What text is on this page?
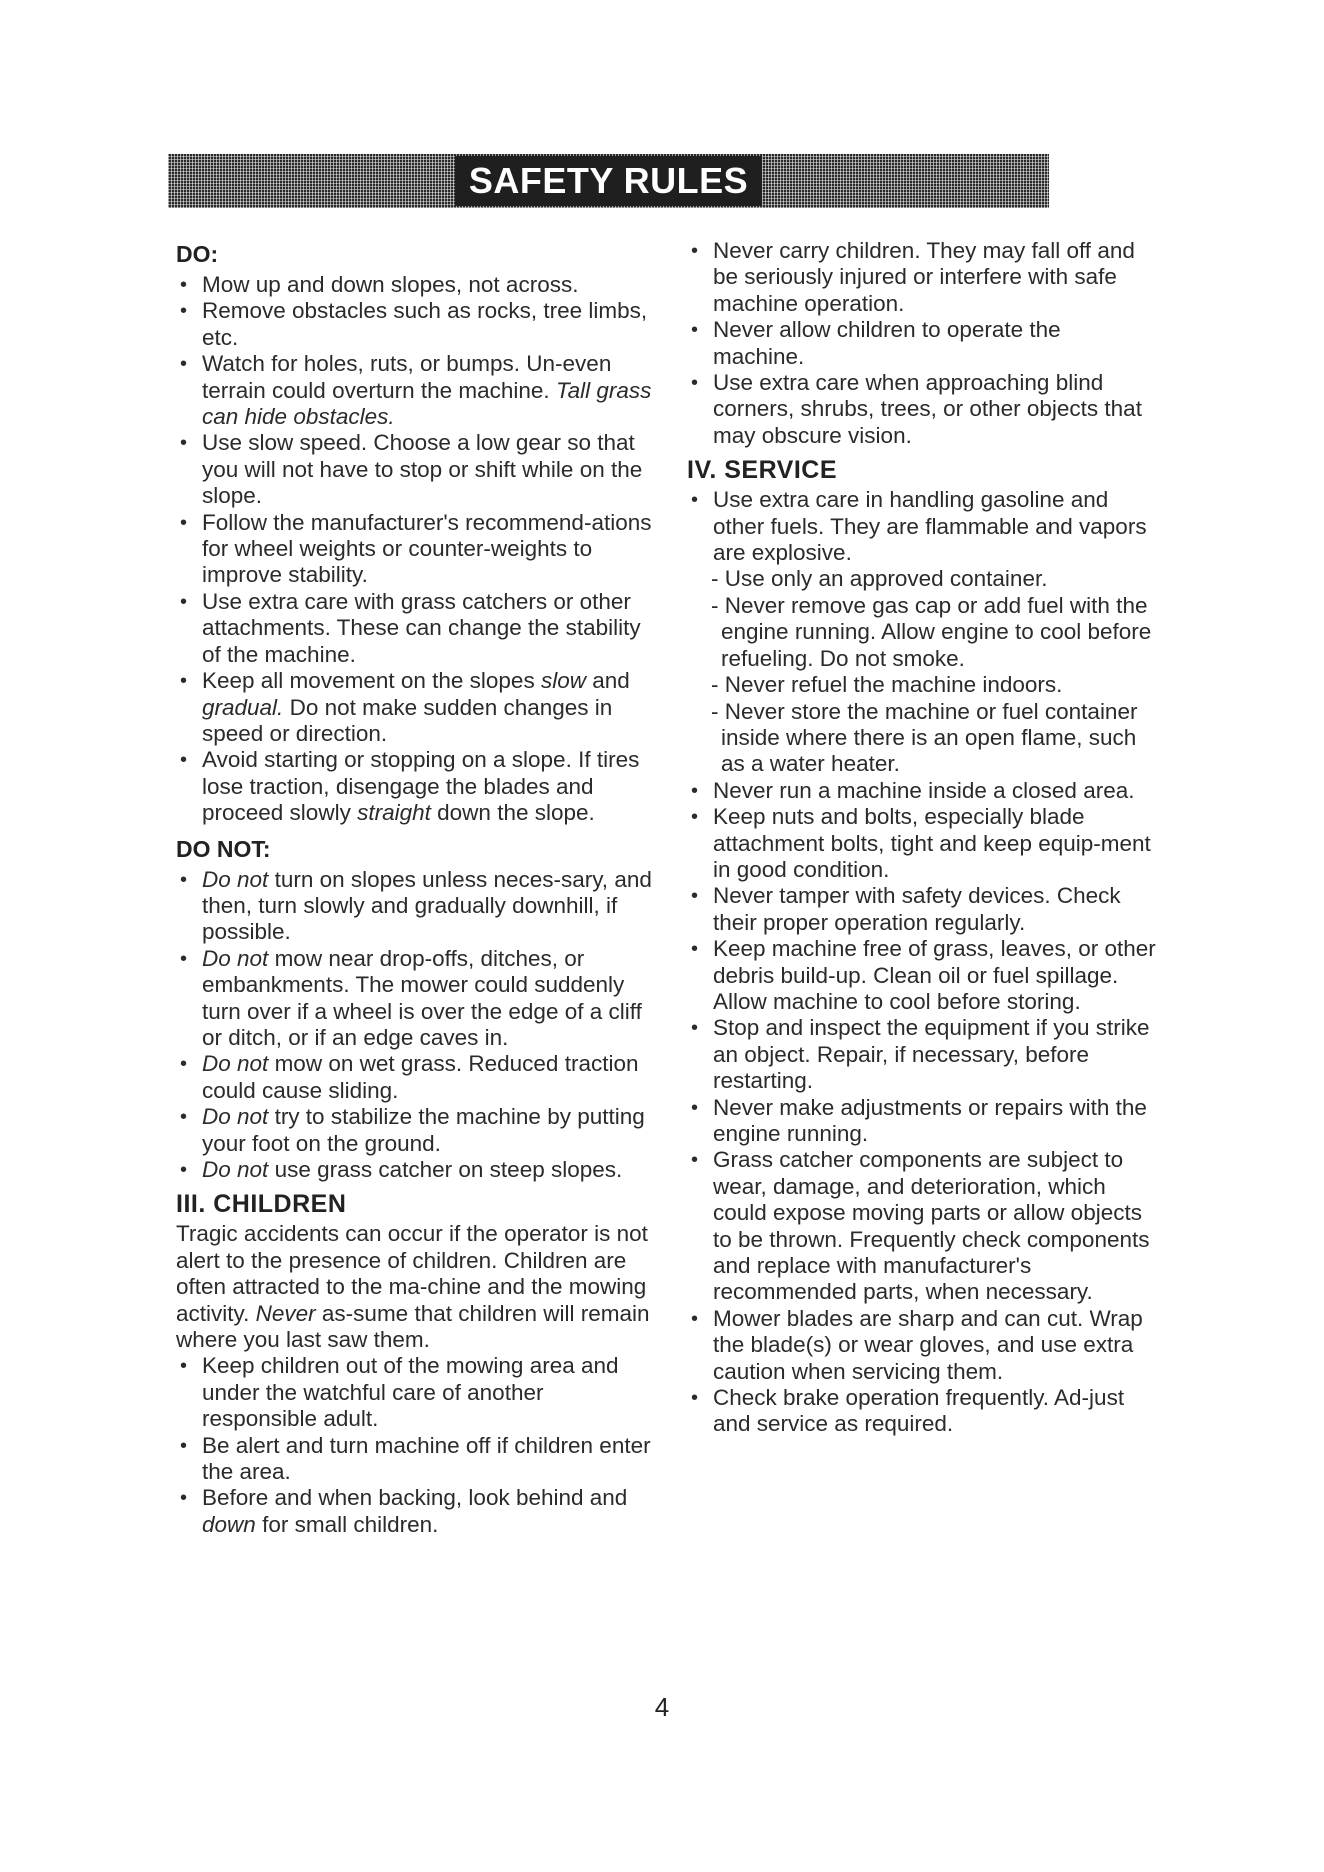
SAFETY RULES
DO:

• Mow up and down slopes, not across.

• Remove obstacles such as rocks, tree limbs, etc.

• Watch for holes, ruts, or bumps. Un-even terrain could overturn the machine. Tall grass can hide obstacles.

• Use slow speed. Choose a low gear so that you will not have to stop or shift while on the slope.

• Follow the manufacturer's recommend-ations for wheel weights or counter-weights to improve stability.

• Use extra care with grass catchers or other attachments. These can change the stability of the machine.

• Keep all movement on the slopes slow and gradual. Do not make sudden changes in speed or direction.

• Avoid starting or stopping on a slope. If tires lose traction, disengage the blades and proceed slowly straight down the slope.

DO NOT:

• Do not turn on slopes unless neces-sary, and then, turn slowly and gradually downhill, if possible.

• Do not mow near drop-offs, ditches, or embankments. The mower could suddenly turn over if a wheel is over the edge of a cliff or ditch, or if an edge caves in.

• Do not mow on wet grass. Reduced traction could cause sliding.

• Do not try to stabilize the machine by putting your foot on the ground.

• Do not use grass catcher on steep slopes.

III. CHILDREN

Tragic accidents can occur if the operator is not alert to the presence of children. Children are often attracted to the ma-chine and the mowing activity. Never as-sume that children will remain where you last saw them.

• Keep children out of the mowing area and under the watchful care of another responsible adult.

• Be alert and turn machine off if children enter the area.

• Before and when backing, look behind and down for small children.

• Never carry children. They may fall off and be seriously injured or interfere with safe machine operation.

• Never allow children to operate the machine.

• Use extra care when approaching blind corners, shrubs, trees, or other objects that may obscure vision.

IV. SERVICE

• Use extra care in handling gasoline and other fuels. They are flammable and vapors are explosive.

- Use only an approved container.

- Never remove gas cap or add fuel with the engine running. Allow engine to cool before refueling. Do not smoke.

- Never refuel the machine indoors.

- Never store the machine or fuel container inside where there is an open flame, such as a water heater.

• Never run a machine inside a closed area.

• Keep nuts and bolts, especially blade attachment bolts, tight and keep equip-ment in good condition.

• Never tamper with safety devices. Check their proper operation regularly.

• Keep machine free of grass, leaves, or other debris build-up. Clean oil or fuel spillage. Allow machine to cool before storing.

• Stop and inspect the equipment if you strike an object. Repair, if necessary, before restarting.

• Never make adjustments or repairs with the engine running.

• Grass catcher components are subject to wear, damage, and deterioration, which could expose moving parts or allow objects to be thrown. Frequently check components and replace with manufacturer's recommended parts, when necessary.

• Mower blades are sharp and can cut. Wrap the blade(s) or wear gloves, and use extra caution when servicing them.

• Check brake operation frequently. Ad-just and service as required.

4
